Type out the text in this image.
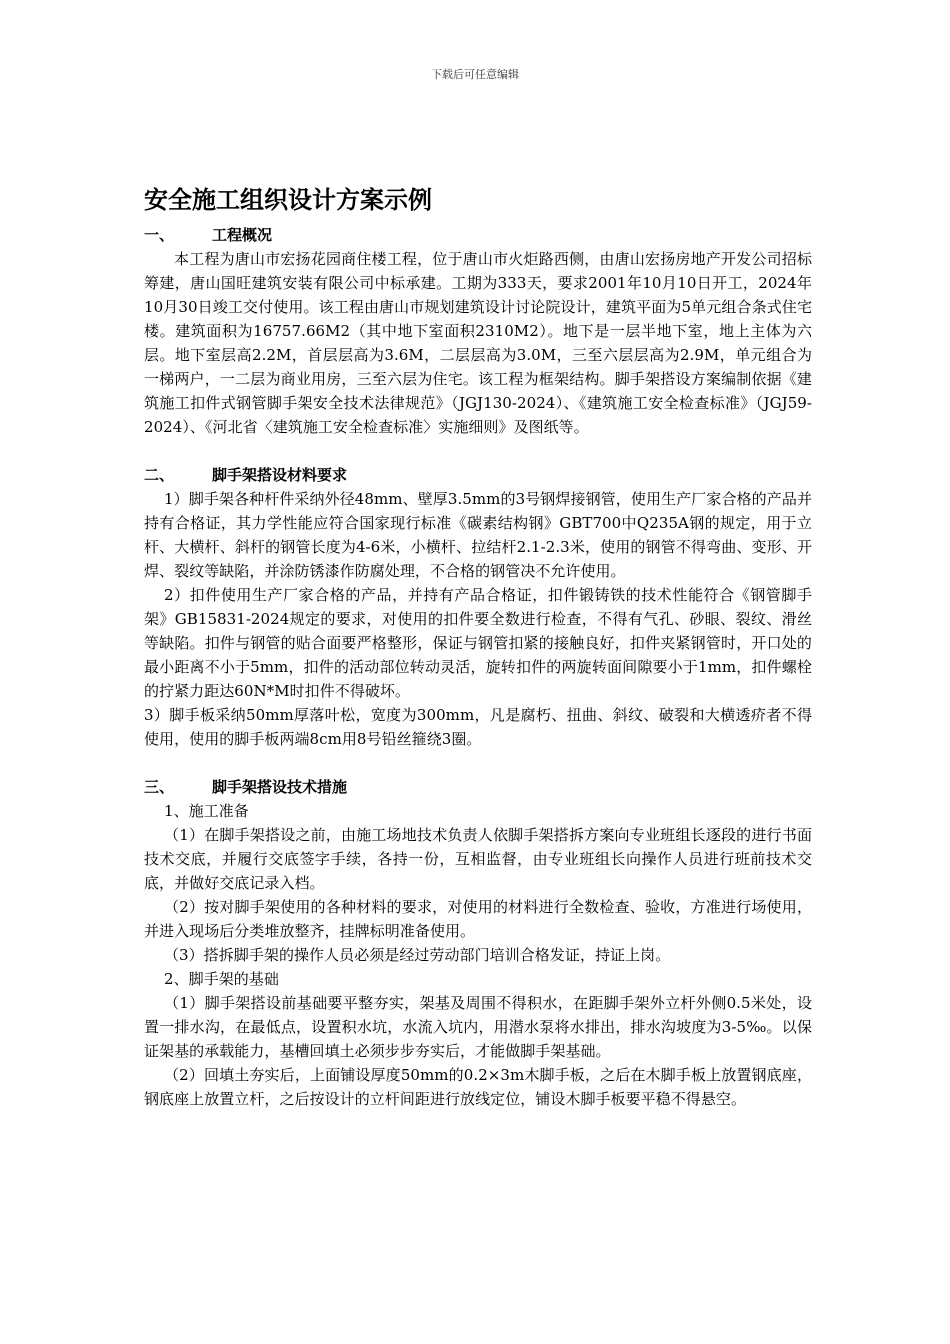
下载后可任意编辑
安全施工组织设计方案示例
一、	工程概况

本工程为唐山市宏扬花园商住楼工程，位于唐山市火炬路西侧，由唐山宏扬房地产开发公司招标筹建，唐山国旺建筑安装有限公司中标承建。工期为333天，要求2001年10月10日开工，2024年10月30日竣工交付使用。该工程由唐山市规划建筑设计讨论院设计，建筑平面为5单元组合条式住宅楼。建筑面积为16757.66M2（其中地下室面积2310M2）。地下是一层半地下室，地上主体为六层。地下室层高2.2M，首层层高为3.6M，二层层高为3.0M，三至六层层高为2.9M，单元组合为一梯两户，一二层为商业用房，三至六层为住宅。该工程为框架结构。脚手架搭设方案编制依据《建筑施工扣件式钢管脚手架安全技术法律规范》（JGJ130-2024）、《建筑施工安全检查标准》（JGJ59-2024）、《河北省〈建筑施工安全检查标准〉实施细则》及图纸等。

二、	脚手架搭设材料要求

1）脚手架各种杆件采纳外径48mm、壁厚3.5mm的3号钢焊接钢管，使用生产厂家合格的产品并持有合格证，其力学性能应符合国家现行标准《碳素结构钢》GBT700中Q235A钢的规定，用于立杆、大横杆、斜杆的钢管长度为4-6米，小横杆、拉结杆2.1-2.3米，使用的钢管不得弯曲、变形、开焊、裂纹等缺陷，并涂防锈漆作防腐处理，不合格的钢管决不允许使用。

2）扣件使用生产厂家合格的产品，并持有产品合格证，扣件锻铸铁的技术性能符合《钢管脚手架》GB15831-2024规定的要求，对使用的扣件要全数进行检查，不得有气孔、砂眼、裂纹、滑丝等缺陷。扣件与钢管的贴合面要严格整形，保证与钢管扣紧的接触良好，扣件夹紧钢管时，开口处的最小距离不小于5mm，扣件的活动部位转动灵活，旋转扣件的两旋转面间隙要小于1mm，扣件螺栓的拧紧力距达60N*M时扣件不得破坏。

3）脚手板采纳50mm厚落叶松，宽度为300mm，凡是腐朽、扭曲、斜纹、破裂和大横透疥者不得使用，使用的脚手板两端8cm用8号铅丝箍绕3圈。

三、	脚手架搭设技术措施

1、施工准备

（1）在脚手架搭设之前，由施工场地技术负责人依脚手架搭拆方案向专业班组长逐段的进行书面技术交底，并履行交底签字手续，各持一份，互相监督，由专业班组长向操作人员进行班前技术交底，并做好交底记录入档。

（2）按对脚手架使用的各种材料的要求，对使用的材料进行全数检查、验收，方准进行场使用，并进入现场后分类堆放整齐，挂牌标明准备使用。

（3）搭拆脚手架的操作人员必须是经过劳动部门培训合格发证，持证上岗。

2、脚手架的基础

（1）脚手架搭设前基础要平整夯实，架基及周围不得积水，在距脚手架外立杆外侧0.5米处，设置一排水沟，在最低点，设置积水坑，水流入坑内，用潜水泵将水排出，排水沟坡度为3-5‰。以保证架基的承载能力，基槽回填土必须步步夯实后，才能做脚手架基础。

（2）回填土夯实后，上面铺设厚度50mm的0.2×3m木脚手板，之后在木脚手板上放置钢底座，钢底座上放置立杆，之后按设计的立杆间距进行放线定位，铺设木脚手板要平稳不得悬空。
